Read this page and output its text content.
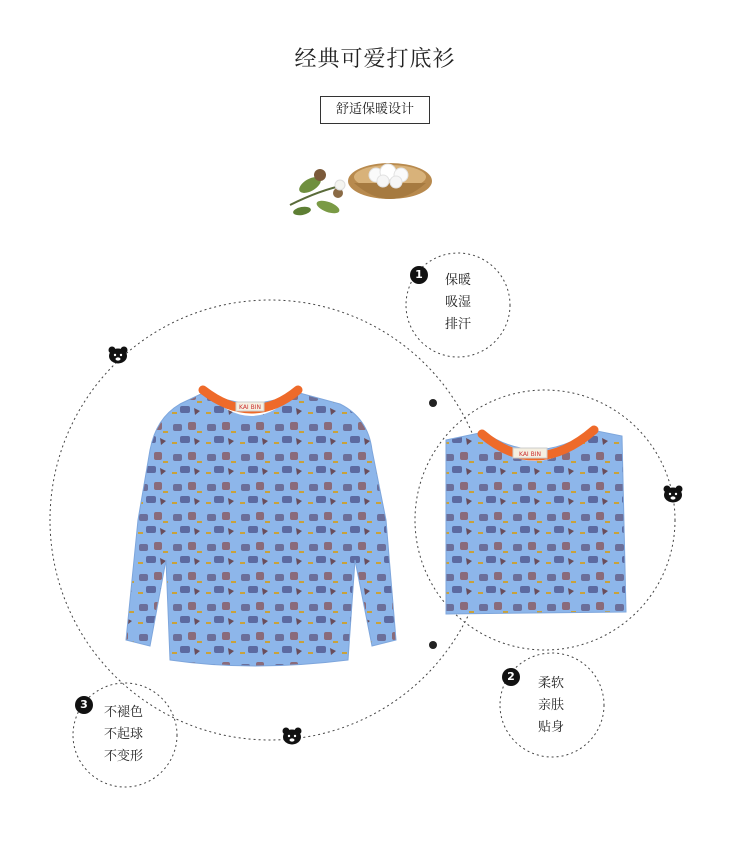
经典可爱打底衫
舒适保暖设计
KAI BIN
KAI BIN
1
2
3
保暖
吸湿
排汗
柔软
亲肤
贴身
不褪色
不起球
不变形
